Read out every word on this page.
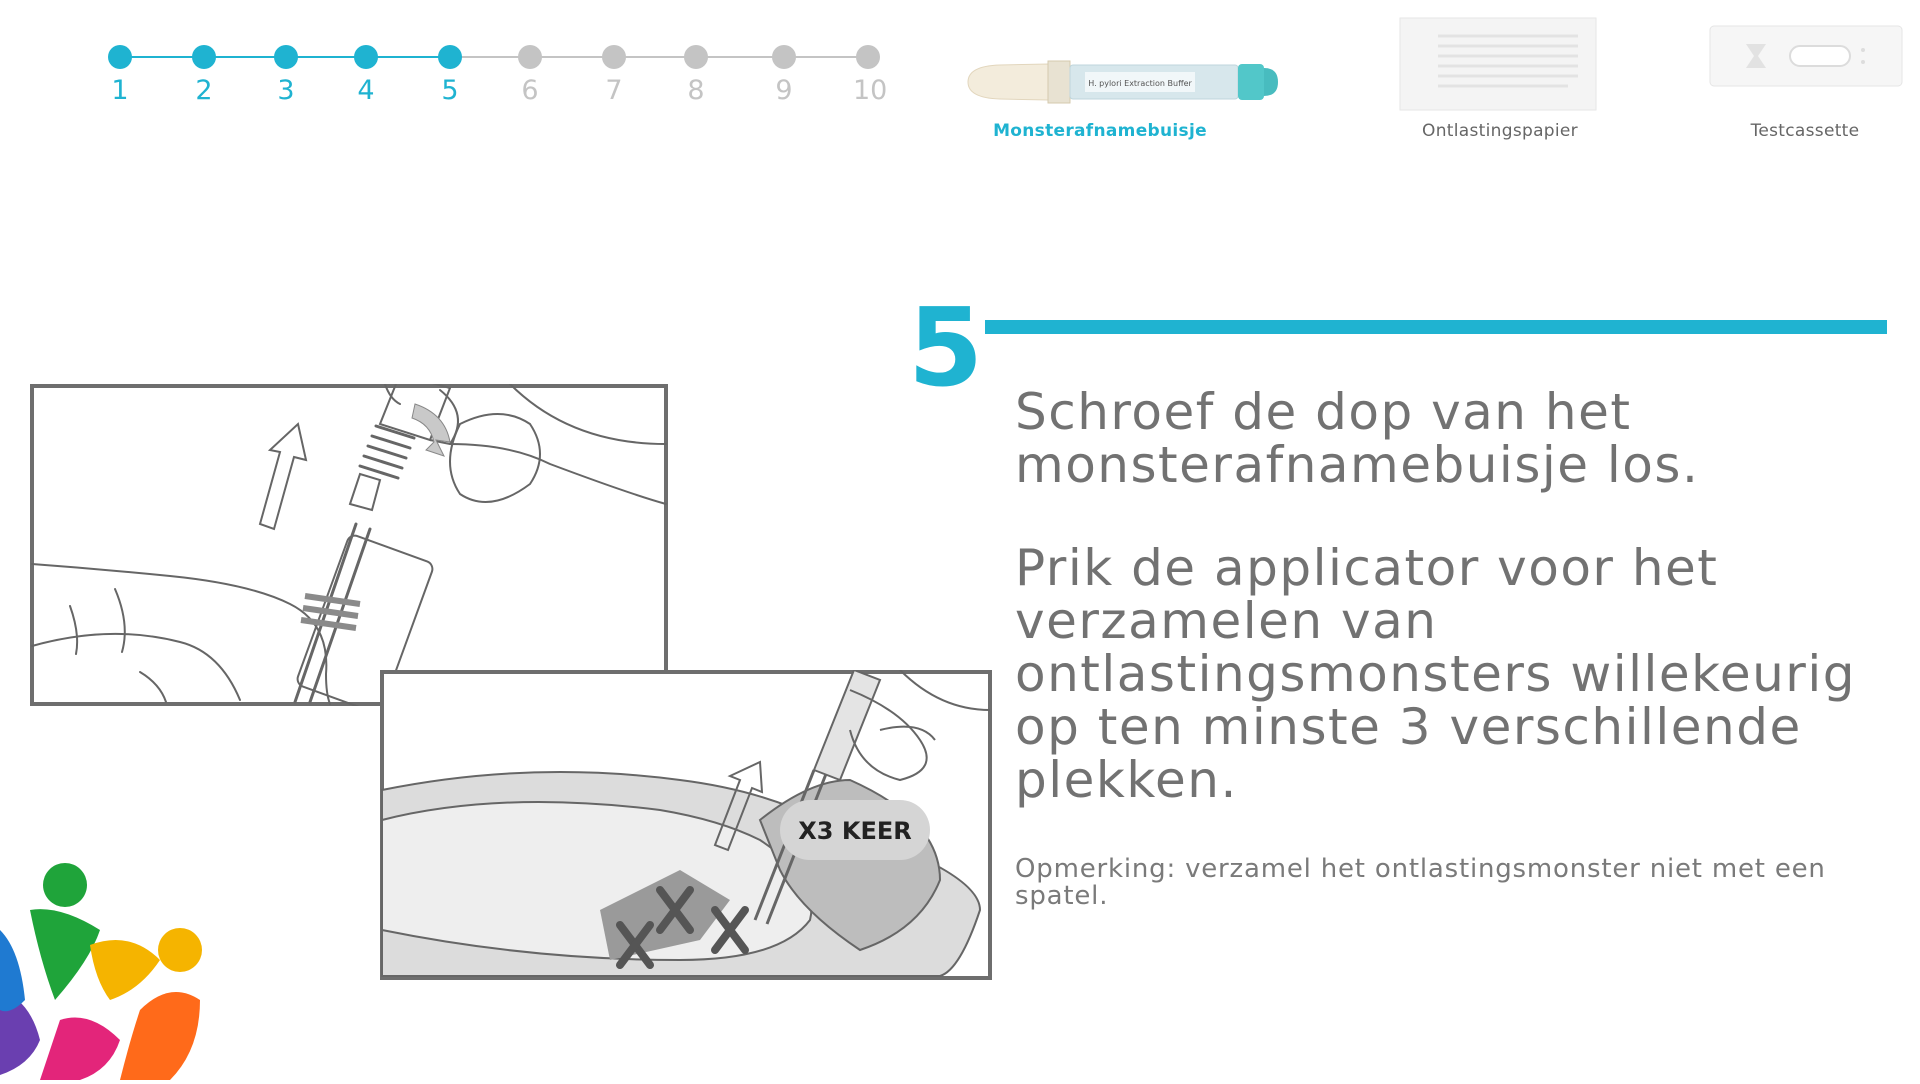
1 2 3 4 5 6 7 8	9 10	H. pylori Extraction Buffer
Monsterafnamebuisje	Ontlastingspapier	Testcassette
5

Schroef de dop van het monsterafnamebuisje los.

Prik de applicator voor het verzamelen van ontlastingsmonsters willekeurig op ten minste 3 verschillende plekken.

Opmerking: verzamel het ontlastingsmonster niet met een spatel.
X3 KEER
